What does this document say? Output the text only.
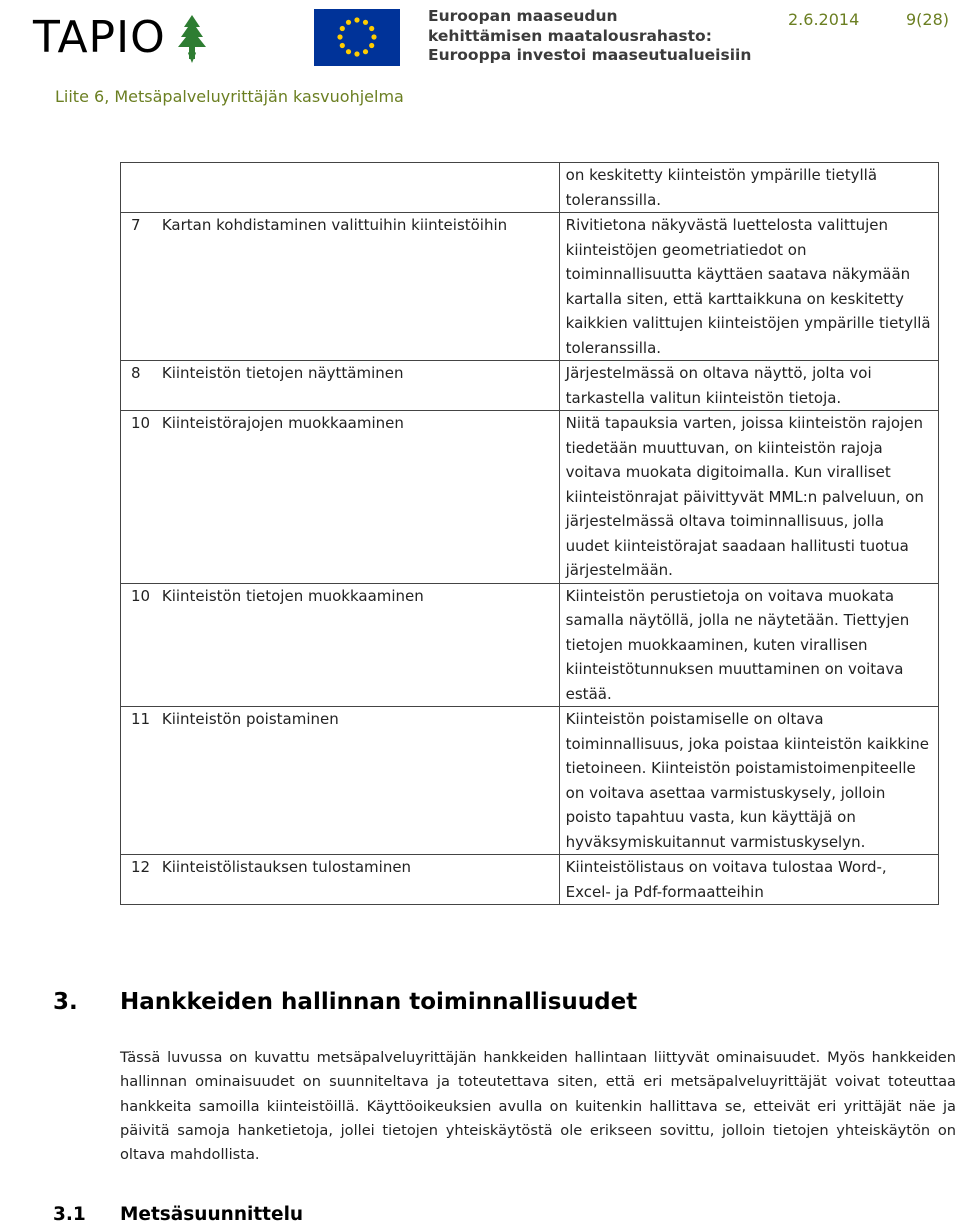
TAPIO	Euroopan maaseudun
kehittämisen maatalousrahasto:
Eurooppa investoi maaseutualueisiin
2.6.2014	9(28)
Liite 6, Metsäpalveluyrittäjän kasvuohjelma
		on keskitetty kiinteistön ympärille tietyllä toleranssilla.
7	Kartan kohdistaminen valittuihin kiinteistöihin	Rivitietona näkyvästä luettelosta valittujen kiinteistöjen geometriatiedot on toiminnallisuutta käyttäen saatava näkymään kartalla siten, että karttaikkuna on keskitetty kaikkien valittujen kiinteistöjen ympärille tietyllä toleranssilla.
8	Kiinteistön tietojen näyttäminen	Järjestelmässä on oltava näyttö, jolta voi tarkastella valitun kiinteistön tietoja.
10	Kiinteistörajojen muokkaaminen	Niitä tapauksia varten, joissa kiinteistön rajojen tiedetään muuttuvan, on kiinteistön rajoja voitava muokata digitoimalla. Kun viralliset kiinteistönrajat päivittyvät MML:n palveluun, on järjestelmässä oltava toiminnallisuus, jolla uudet kiinteistörajat saadaan hallitusti tuotua järjestelmään.
10	Kiinteistön tietojen muokkaaminen	Kiinteistön perustietoja on voitava muokata samalla näytöllä, jolla ne näytetään. Tiettyjen tietojen muokkaaminen, kuten virallisen kiinteistötunnuksen muuttaminen on voitava estää.
11	Kiinteistön poistaminen	Kiinteistön poistamiselle on oltava toiminnallisuus, joka poistaa kiinteistön kaikkine tietoineen. Kiinteistön poistamistoimenpiteelle on voitava asettaa varmistuskysely, jolloin poisto tapahtuu vasta, kun käyttäjä on hyväksymiskuitannut varmistuskyselyn.
12	Kiinteistölistauksen tulostaminen	Kiinteistölistaus on voitava tulostaa Word-, Excel- ja Pdf-formaatteihin
3. Hankkeiden hallinnan toiminnallisuudet
Tässä luvussa on kuvattu metsäpalveluyrittäjän hankkeiden hallintaan liittyvät ominaisuudet. Myös hankkeiden hallinnan ominaisuudet on suunniteltava ja toteutettava siten, että eri metsäpalveluyrittäjät voivat toteuttaa hankkeita samoilla kiinteistöillä. Käyttöoikeuksien avulla on kuitenkin hallittava se, etteivät eri yrittäjät näe ja päivitä samoja hanketietoja, jollei tietojen yhteiskäytöstä ole erikseen sovittu, jolloin tietojen yhteiskäytön on oltava mahdollista.
3.1 Metsäsuunnittelu
